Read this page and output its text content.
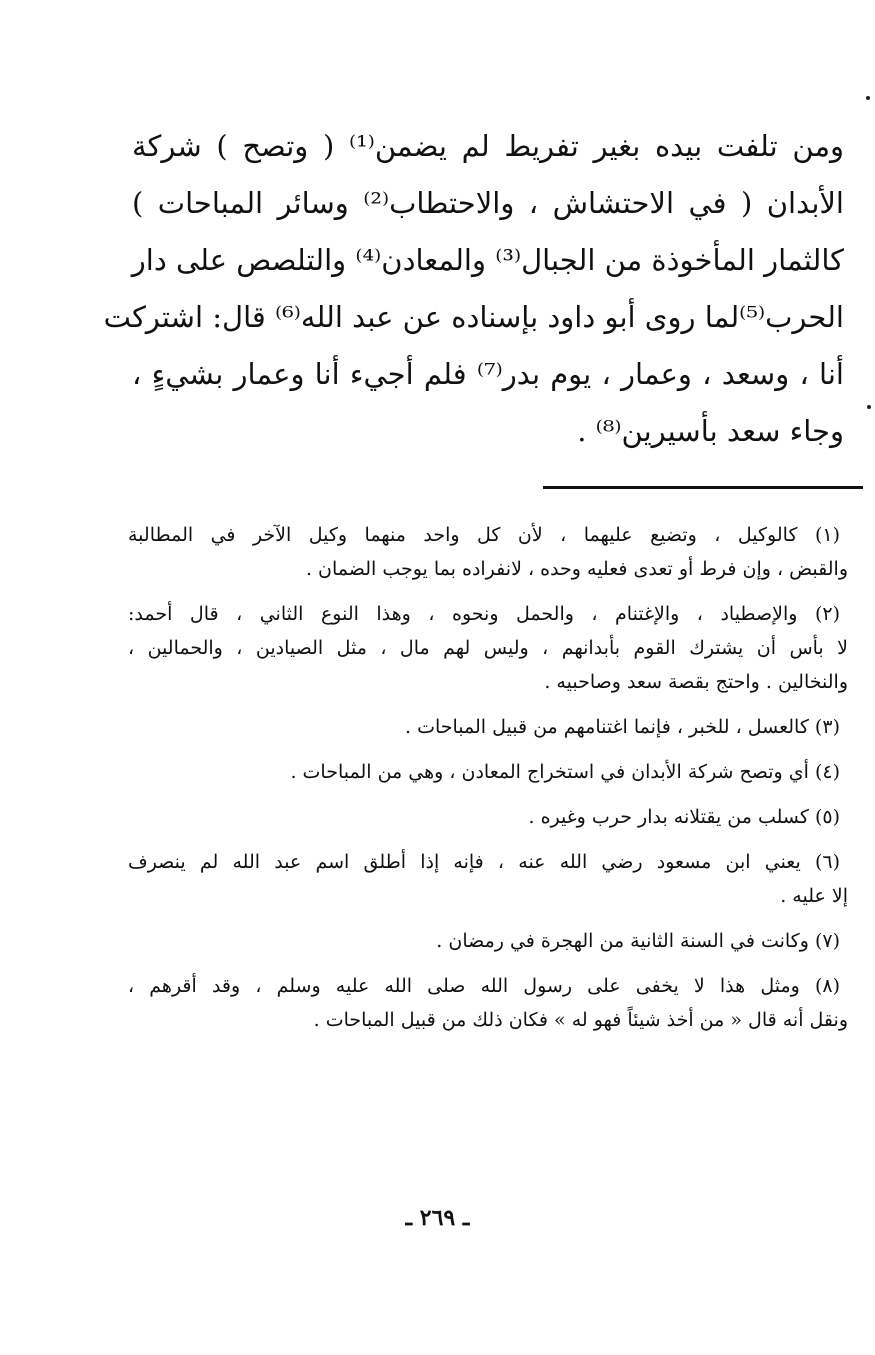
ومن تلفت بيده بغير تفريط لم يضمن⁽¹⁾ ( وتصح ) شركة
الأبدان ( في الاحتشاش ، والاحتطاب⁽²⁾ وسائر المباحات )
كالثمار المأخوذة من الجبال⁽³⁾ والمعادن⁽⁴⁾ والتلصص على دار
الحرب⁽⁵⁾لما روى أبو داود بإسناده عن عبد الله⁽⁶⁾ قال: اشتركت
أنا ، وسعد ، وعمار ، يوم بدر⁽⁷⁾ فلم أجيء أنا وعمار بشيءٍ ،
وجاء سعد بأسيرين⁽⁸⁾ .
(١) كالوكيل ، وتضيع عليهما ، لأن كل واحد منهما وكيل الآخر في المطالبة
والقبض ، وإن فرط أو تعدى فعليه وحده ، لانفراده بما يوجب الضمان .
(٢) والإصطياد ، والإغتنام ، والحمل ونحوه ، وهذا النوع الثاني ، قال أحمد:
لا بأس أن يشترك القوم بأبدانهم ، وليس لهم مال ، مثل الصيادين ، والحمالين ،
والنخالين . واحتج بقصة سعد وصاحبيه .
(٣) كالعسل ، للخبر ، فإنما اغتنامهم من قبيل المباحات .
(٤) أي وتصح شركة الأبدان في استخراج المعادن ، وهي من المباحات .
(٥) كسلب من يقتلانه بدار حرب وغيره .
(٦) يعني ابن مسعود رضي الله عنه ، فإنه إذا أطلق اسم عبد الله لم ينصرف
إلا عليه .
(٧) وكانت في السنة الثانية من الهجرة في رمضان .
(٨) ومثل هذا لا يخفى على رسول الله صلى الله عليه وسلم ، وقد أقرهم ،
ونقل أنه قال « من أخذ شيئاً فهو له » فكان ذلك من قبيل المباحات .
ـ ٢٦٩ ـ
